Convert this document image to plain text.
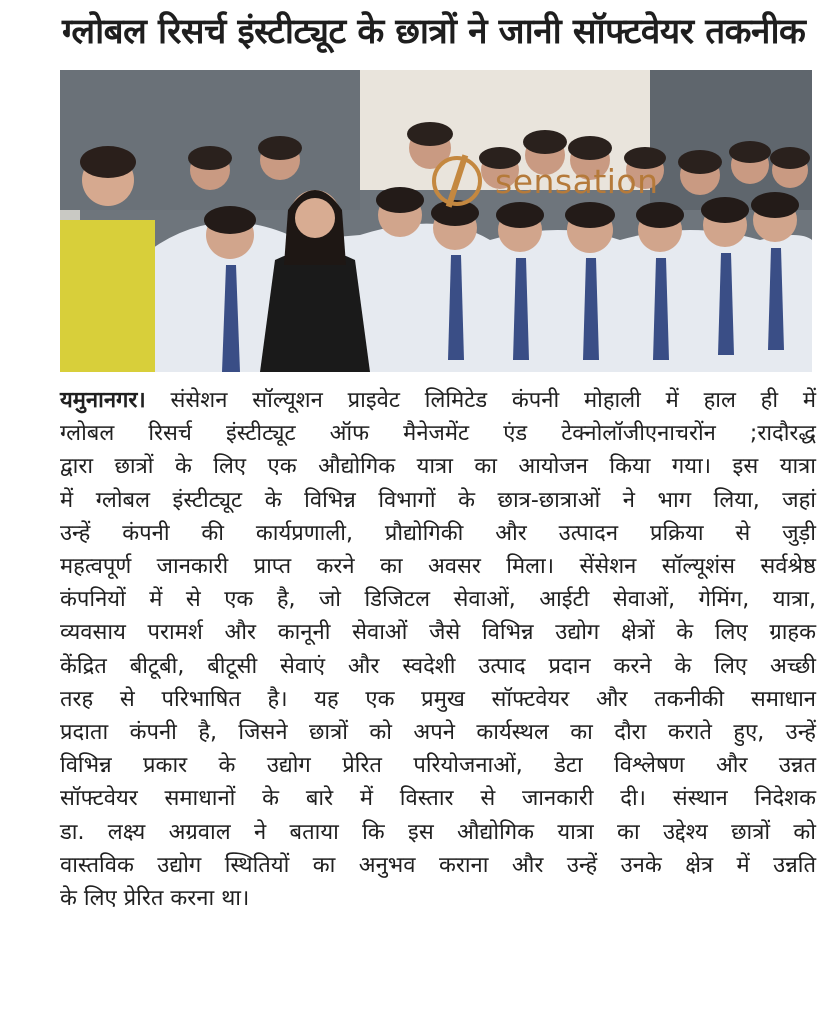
ग्लोबल रिसर्च इंस्टीट्यूट के छात्रों ने जानी सॉफ्टवेयर तकनीक
sensation
यमुनानगर। संसेशन सॉल्यूशन प्राइवेट लिमिटेड कंपनी मोहाली में हाल ही में
ग्लोबल रिसर्च इंस्टीट्यूट ऑफ मैनेजमेंट एंड टेक्नोलॉजीएनाचरोंन ;रादौरद्ध
द्वारा छात्रों के लिए एक औद्योगिक यात्रा का आयोजन किया गया। इस यात्रा
में ग्लोबल इंस्टीट्यूट के विभिन्न विभागों के छात्र-छात्राओं ने भाग लिया, जहां
उन्हें कंपनी की कार्यप्रणाली, प्रौद्योगिकी और उत्पादन प्रक्रिया से जुड़ी
महत्वपूर्ण जानकारी प्राप्त करने का अवसर मिला। सेंसेशन सॉल्यूशंस सर्वश्रेष्ठ
कंपनियों में से एक है, जो डिजिटल सेवाओं, आईटी सेवाओं, गेमिंग, यात्रा,
व्यवसाय परामर्श और कानूनी सेवाओं जैसे विभिन्न उद्योग क्षेत्रों के लिए ग्राहक
केंद्रित बीटूबी, बीटूसी सेवाएं और स्वदेशी उत्पाद प्रदान करने के लिए अच्छी
तरह से परिभाषित है। यह एक प्रमुख सॉफ्टवेयर और तकनीकी समाधान
प्रदाता कंपनी है, जिसने छात्रों को अपने कार्यस्थल का दौरा कराते हुए, उन्हें
विभिन्न प्रकार के उद्योग प्रेरित परियोजनाओं, डेटा विश्लेषण और उन्नत
सॉफ्टवेयर समाधानों के बारे में विस्तार से जानकारी दी। संस्थान निदेशक
डा. लक्ष्य अग्रवाल ने बताया कि इस औद्योगिक यात्रा का उद्देश्य छात्रों को
वास्तविक उद्योग स्थितियों का अनुभव कराना और उन्हें उनके क्षेत्र में उन्नति
के लिए प्रेरित करना था।
